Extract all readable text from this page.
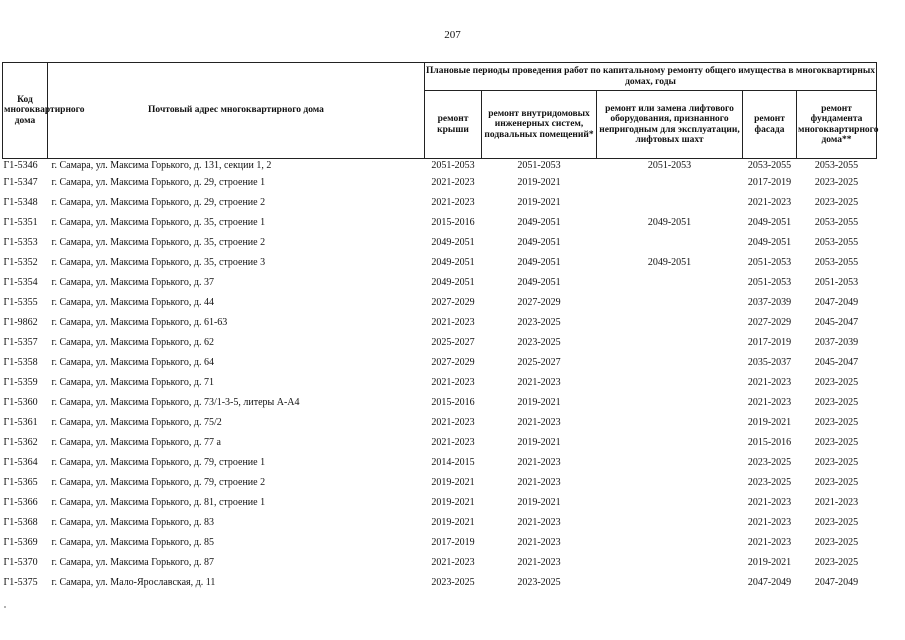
207
Код многоквартирного дома	Почтовый адрес многоквартирного дома	Плановые периоды проведения работ по капитальному ремонту общего имущества в многоквартирных домах, годы				
		ремонт крыши	ремонт внутридомовых инженерных систем, подвальных помещений*	ремонт или замена лифтового оборудования, признанного непригодным для эксплуатации, лифтовых шахт	ремонт фасада	ремонт фундамента многоквартирного дома**
Г1-5346	г. Самара, ул. Максима Горького, д. 131, секции 1, 2	2051-2053	2051-2053	2051-2053	2053-2055	2053-2055
Г1-5347	г. Самара, ул. Максима Горького, д. 29, строение 1	2021-2023	2019-2021		2017-2019	2023-2025
Г1-5348	г. Самара, ул. Максима Горького, д. 29, строение 2	2021-2023	2019-2021		2021-2023	2023-2025
Г1-5351	г. Самара, ул. Максима Горького, д. 35, строение 1	2015-2016	2049-2051	2049-2051	2049-2051	2053-2055
Г1-5353	г. Самара, ул. Максима Горького, д. 35, строение 2	2049-2051	2049-2051		2049-2051	2053-2055
Г1-5352	г. Самара, ул. Максима Горького, д. 35, строение 3	2049-2051	2049-2051	2049-2051	2051-2053	2053-2055
Г1-5354	г. Самара, ул. Максима Горького, д. 37	2049-2051	2049-2051		2051-2053	2051-2053
Г1-5355	г. Самара, ул. Максима Горького, д. 44	2027-2029	2027-2029		2037-2039	2047-2049
Г1-9862	г. Самара, ул. Максима Горького, д. 61-63	2021-2023	2023-2025		2027-2029	2045-2047
Г1-5357	г. Самара, ул. Максима Горького, д. 62	2025-2027	2023-2025		2017-2019	2037-2039
Г1-5358	г. Самара, ул. Максима Горького, д. 64	2027-2029	2025-2027		2035-2037	2045-2047
Г1-5359	г. Самара, ул. Максима Горького, д. 71	2021-2023	2021-2023		2021-2023	2023-2025
Г1-5360	г. Самара, ул. Максима Горького, д. 73/1-3-5, литеры А-А4	2015-2016	2019-2021		2021-2023	2023-2025
Г1-5361	г. Самара, ул. Максима Горького, д. 75/2	2021-2023	2021-2023		2019-2021	2023-2025
Г1-5362	г. Самара, ул. Максима Горького, д. 77 а	2021-2023	2019-2021		2015-2016	2023-2025
Г1-5364	г. Самара, ул. Максима Горького, д. 79, строение 1	2014-2015	2021-2023		2023-2025	2023-2025
Г1-5365	г. Самара, ул. Максима Горького, д. 79, строение 2	2019-2021	2021-2023		2023-2025	2023-2025
Г1-5366	г. Самара, ул. Максима Горького, д. 81, строение 1	2019-2021	2019-2021		2021-2023	2021-2023
Г1-5368	г. Самара, ул. Максима Горького, д. 83	2019-2021	2021-2023		2021-2023	2023-2025
Г1-5369	г. Самара, ул. Максима Горького, д. 85	2017-2019	2021-2023		2021-2023	2023-2025
Г1-5370	г. Самара, ул. Максима Горького, д. 87	2021-2023	2021-2023		2019-2021	2023-2025
Г1-5375	г. Самара, ул. Мало-Ярославская, д. 11	2023-2025	2023-2025		2047-2049	2047-2049
